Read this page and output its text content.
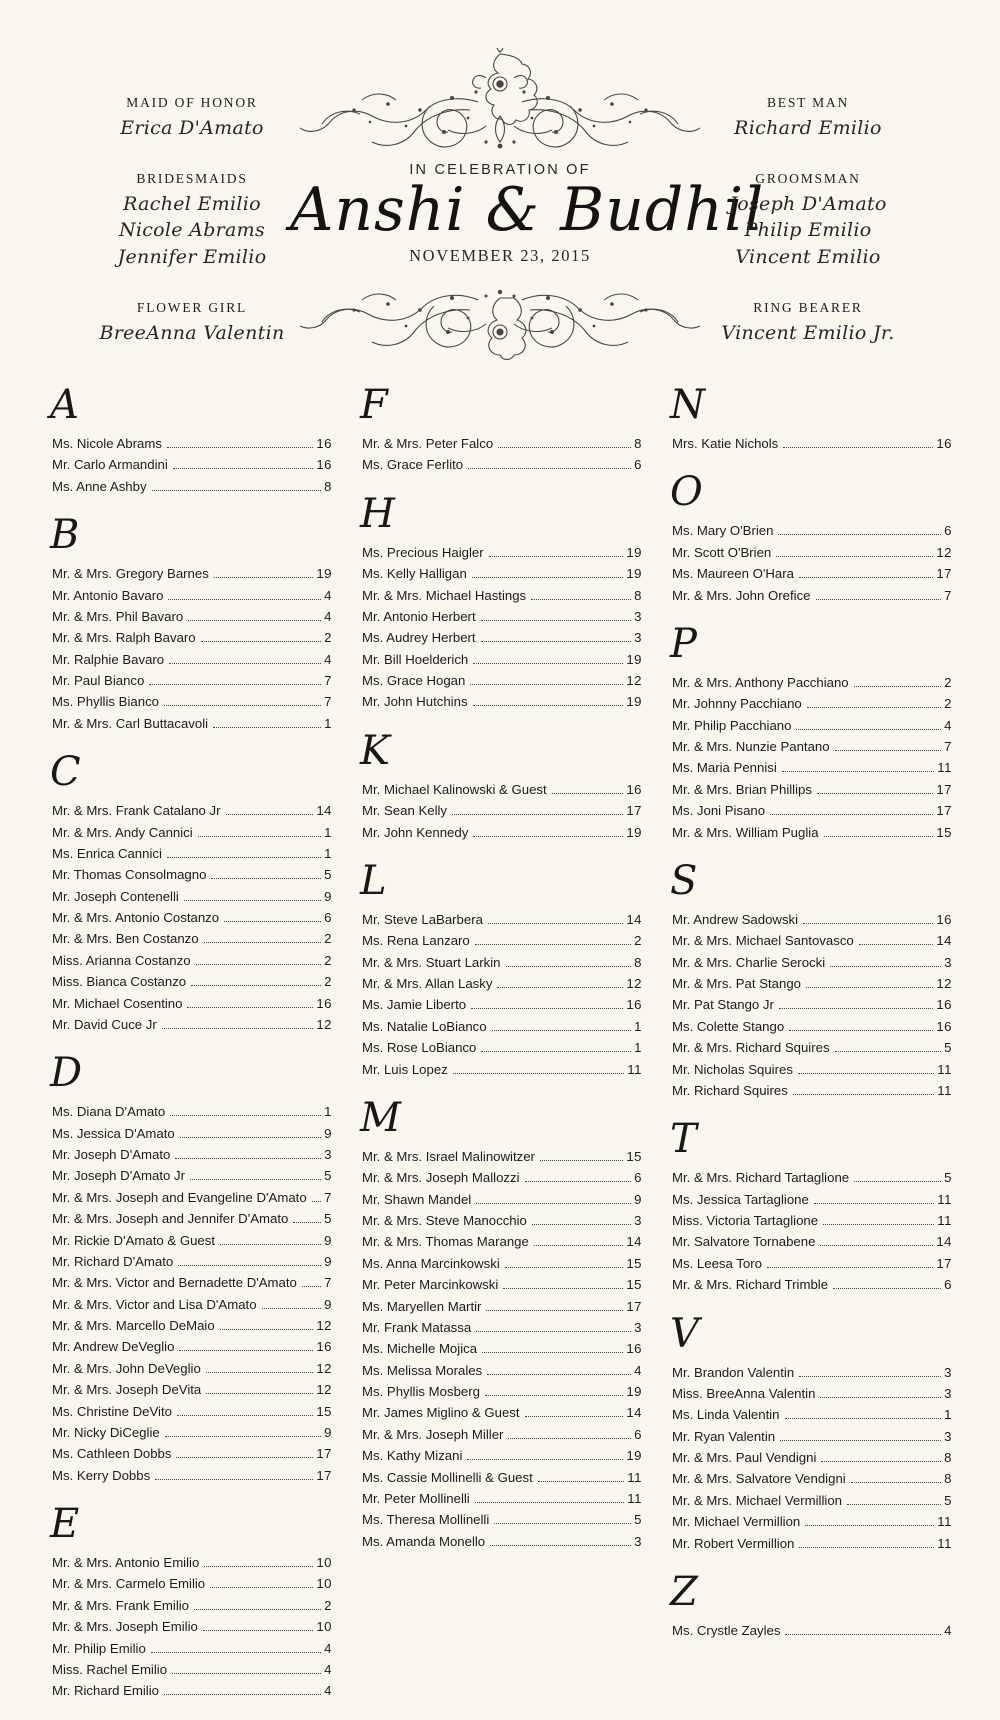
MAID OF HONOR
Erica D'Amato
BRIDESMAIDS
Rachel Emilio
Nicole Abrams
Jennifer Emilio
FLOWER GIRL
BreeAnna Valentin
IN CELEBRATION OF
Anshi & Budhil
NOVEMBER 23, 2015
BEST MAN
Richard Emilio
GROOMSMAN
Joseph D'Amato
Philip Emilio
Vincent Emilio
RING BEARER
Vincent Emilio Jr.
A
Ms. Nicole Abrams	16
Mr. Carlo Armandini	16
Ms. Anne Ashby	8
B
Mr. & Mrs. Gregory Barnes	19
Mr. Antonio Bavaro	4
Mr. & Mrs. Phil Bavaro	4
Mr. & Mrs. Ralph Bavaro	2
Mr. Ralphie Bavaro	4
Mr. Paul Bianco	7
Ms. Phyllis Bianco	7
Mr. & Mrs. Carl Buttacavoli	1
C
Mr. & Mrs. Frank Catalano Jr	14
Mr. & Mrs. Andy Cannici	1
Ms. Enrica Cannici	1
Mr. Thomas Consolmagno	5
Mr. Joseph Contenelli	9
Mr. & Mrs. Antonio Costanzo	6
Mr. & Mrs. Ben Costanzo	2
Miss. Arianna Costanzo	2
Miss. Bianca Costanzo	2
Mr. Michael Cosentino	16
Mr. David Cuce Jr	12
D
Ms. Diana D'Amato	1
Ms. Jessica D'Amato	9
Mr. Joseph D'Amato	3
Mr. Joseph D'Amato Jr	5
Mr. & Mrs. Joseph and Evangeline D'Amato 7
Mr. & Mrs. Joseph and Jennifer D'Amato	5
Mr. Rickie D'Amato & Guest	9
Mr. Richard D'Amato	9
Mr. & Mrs. Victor and Bernadette D'Amato 7
Mr. & Mrs. Victor and Lisa D'Amato	9
Mr. & Mrs. Marcello DeMaio	12
Mr. Andrew DeVeglio	16
Mr. & Mrs. John DeVeglio	12
Mr. & Mrs. Joseph DeVita	12
Ms. Christine DeVito	15
Mr. Nicky DiCeglie	9
Ms. Cathleen Dobbs	17
Ms. Kerry Dobbs	17
E
Mr. & Mrs. Antonio Emilio	10
Mr. & Mrs. Carmelo Emilio	10
Mr. & Mrs. Frank Emilio	2
Mr. & Mrs. Joseph Emilio	10
Mr. Philip Emilio	4
Miss. Rachel Emilio	4
Mr. Richard Emilio	4
F
Mr. & Mrs. Peter Falco	8
Ms. Grace Ferlito	6
H
Ms. Precious Haigler	19
Ms. Kelly Halligan	19
Mr. & Mrs. Michael Hastings	8
Mr. Antonio Herbert	3
Ms. Audrey Herbert	3
Mr. Bill Hoelderich	19
Ms. Grace Hogan	12
Mr. John Hutchins	19
K
Mr. Michael Kalinowski & Guest	16
Mr. Sean Kelly	17
Mr. John Kennedy	19
L
Mr. Steve LaBarbera	14
Ms. Rena Lanzaro	2
Mr. & Mrs. Stuart Larkin	8
Mr. & Mrs. Allan Lasky	12
Ms. Jamie Liberto	16
Ms. Natalie LoBianco	1
Ms. Rose LoBianco	1
Mr. Luis Lopez	11
M
Mr. & Mrs. Israel Malinowitzer	15
Mr. & Mrs. Joseph Mallozzi	6
Mr. Shawn Mandel	9
Mr. & Mrs. Steve Manocchio	3
Mr. & Mrs. Thomas Marange	14
Ms. Anna Marcinkowski	15
Mr. Peter Marcinkowski	15
Ms. Maryellen Martir	17
Mr. Frank Matassa	3
Ms. Michelle Mojica	16
Ms. Melissa Morales	4
Ms. Phyllis Mosberg	19
Mr. James Miglino & Guest	14
Mr. & Mrs. Joseph Miller	6
Ms. Kathy Mizani	19
Ms. Cassie Mollinelli & Guest	11
Mr. Peter Mollinelli	11
Ms. Theresa Mollinelli	5
Ms. Amanda Monello	3
N
Mrs. Katie Nichols	16
O
Ms. Mary O'Brien	6
Mr. Scott O'Brien	12
Ms. Maureen O'Hara	17
Mr. & Mrs. John Orefice	7
P
Mr. & Mrs. Anthony Pacchiano	2
Mr. Johnny Pacchiano	2
Mr. Philip Pacchiano	4
Mr. & Mrs. Nunzie Pantano	7
Ms. Maria Pennisi	11
Mr. & Mrs. Brian Phillips	17
Ms. Joni Pisano	17
Mr. & Mrs. William Puglia	15
S
Mr. Andrew Sadowski	16
Mr. & Mrs. Michael Santovasco	14
Mr. & Mrs. Charlie Serocki	3
Mr. & Mrs. Pat Stango	12
Mr. Pat Stango Jr	16
Ms. Colette Stango	16
Mr. & Mrs. Richard Squires	5
Mr. Nicholas Squires	11
Mr. Richard Squires	11
T
Mr. & Mrs. Richard Tartaglione	5
Ms. Jessica Tartaglione	11
Miss. Victoria Tartaglione	11
Mr. Salvatore Tornabene	14
Ms. Leesa Toro	17
Mr. & Mrs. Richard Trimble	6
V
Mr. Brandon Valentin	3
Miss. BreeAnna Valentin	3
Ms. Linda Valentin	1
Mr. Ryan Valentin	3
Mr. & Mrs. Paul Vendigni	8
Mr. & Mrs. Salvatore Vendigni	8
Mr. & Mrs. Michael Vermillion	5
Mr. Michael Vermillion	11
Mr. Robert Vermillion	11
Z
Ms. Crystle Zayles	4
